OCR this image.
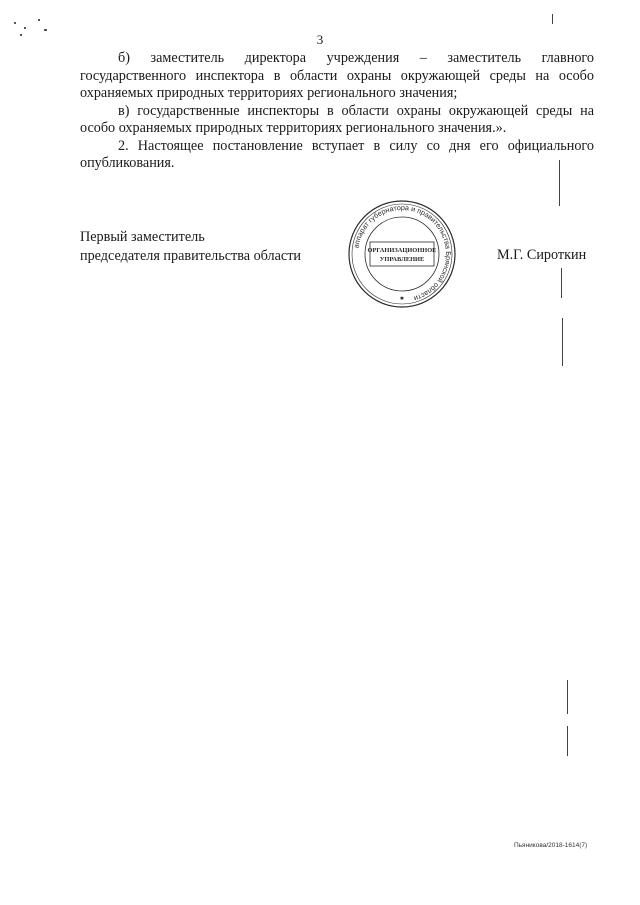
3

б) заместитель директора учреждения – заместитель главного государственного инспектора в области охраны окружающей среды на особо охраняемых природных территориях регионального значения;

в) государственные инспекторы в области охраны окружающей среды на особо охраняемых природных территориях регионального значения.».

2. Настоящее постановление вступает в силу со дня его официального опубликования.

Первый заместитель
председателя правительства области
аппарат губернатора и правительства Брянской области
ОРГАНИЗАЦИОННОЕ
УПРАВЛЕНИЕ
✱
М.Г. Сироткин
Пьяникова/2018-1614(7)
